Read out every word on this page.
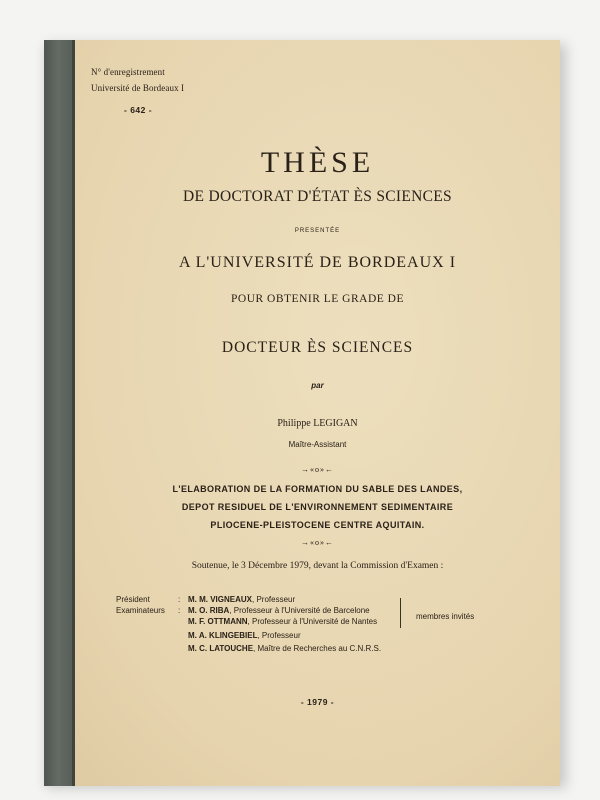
N° d'enregistrement
Université de Bordeaux I
- 642 -
THÈSE
DE DOCTORAT D'ÉTAT ÈS SCIENCES
PRESENTÉE
A L'UNIVERSITÉ DE BORDEAUX I
POUR OBTENIR LE GRADE DE
DOCTEUR ÈS SCIENCES
par
Philippe LEGIGAN
Maître-Assistant
→«o»←
L'ELABORATION DE LA FORMATION DU SABLE DES LANDES,
DEPOT RESIDUEL DE L'ENVIRONNEMENT SEDIMENTAIRE
PLIOCENE-PLEISTOCENE CENTRE AQUITAIN.
→«o»←
Soutenue, le 3 Décembre 1979, devant la Commission d'Examen :
Président
Examinateurs
:
:
M. M. VIGNEAUX, Professeur
M. O. RIBA, Professeur à l'Université de Barcelone
M. F. OTTMANN, Professeur à l'Université de Nantes
M. A. KLINGEBIEL, Professeur
M. C. LATOUCHE, Maître de Recherches au C.N.R.S.
membres invités
- 1979 -
